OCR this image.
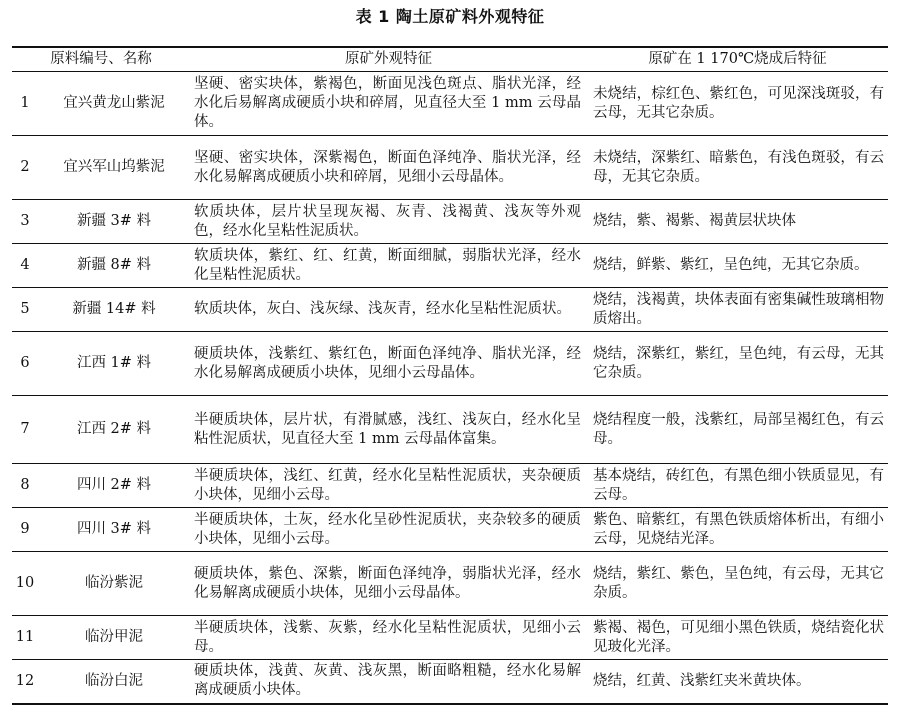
表 1 陶土原矿料外观特征
原料编号、名称		原矿外观特征	原矿在 1 170℃烧成后特征
1	宜兴黄龙山紫泥	坚硬、密实块体，紫褐色，断面见浅色斑点、脂状光泽，经水化后易解离成硬质小块和碎屑，见直径大至 1 mm 云母晶体。	未烧结，棕红色、紫红色，可见深浅斑驳，有云母，无其它杂质。
2	宜兴军山坞紫泥	坚硬、密实块体，深紫褐色，断面色泽纯净、脂状光泽，经水化易解离成硬质小块和碎屑，见细小云母晶体。	未烧结，深紫红、暗紫色，有浅色斑驳，有云母，无其它杂质。
3	新疆 3# 料	软质块体，层片状呈现灰褐、灰青、浅褐黄、浅灰等外观色，经水化呈粘性泥质状。	烧结，紫、褐紫、褐黄层状块体
4	新疆 8# 料	软质块体，紫红、红、红黄，断面细腻，弱脂状光泽，经水化呈粘性泥质状。	烧结，鲜紫、紫红，呈色纯，无其它杂质。
5	新疆 14# 料	软质块体，灰白、浅灰绿、浅灰青，经水化呈粘性泥质状。	烧结，浅褐黄，块体表面有密集碱性玻璃相物质熔出。
6	江西 1# 料	硬质块体，浅紫红、紫红色，断面色泽纯净、脂状光泽，经水化易解离成硬质小块体，见细小云母晶体。	烧结，深紫红，紫红，呈色纯，有云母，无其它杂质。
7	江西 2# 料	半硬质块体，层片状，有滑腻感，浅红、浅灰白，经水化呈粘性泥质状，见直径大至 1 mm 云母晶体富集。	烧结程度一般，浅紫红，局部呈褐红色，有云母。
8	四川 2# 料	半硬质块体，浅红、红黄，经水化呈粘性泥质状，夹杂硬质小块体，见细小云母。	基本烧结，砖红色，有黑色细小铁质显见，有云母。
9	四川 3# 料	半硬质块体，土灰，经水化呈砂性泥质状，夹杂较多的硬质小块体，见细小云母。	紫色、暗紫红，有黑色铁质熔体析出，有细小云母，见烧结光泽。
10	临汾紫泥	硬质块体，紫色、深紫，断面色泽纯净，弱脂状光泽，经水化易解离成硬质小块体，见细小云母晶体。	烧结，紫红、紫色，呈色纯，有云母，无其它杂质。
11	临汾甲泥	半硬质块体，浅紫、灰紫，经水化呈粘性泥质状，见细小云母。	紫褐、褐色，可见细小黑色铁质，烧结瓷化状见玻化光泽。
12	临汾白泥	硬质块体，浅黄、灰黄、浅灰黑，断面略粗糙，经水化易解离成硬质小块体。	烧结，红黄、浅紫红夹米黄块体。
